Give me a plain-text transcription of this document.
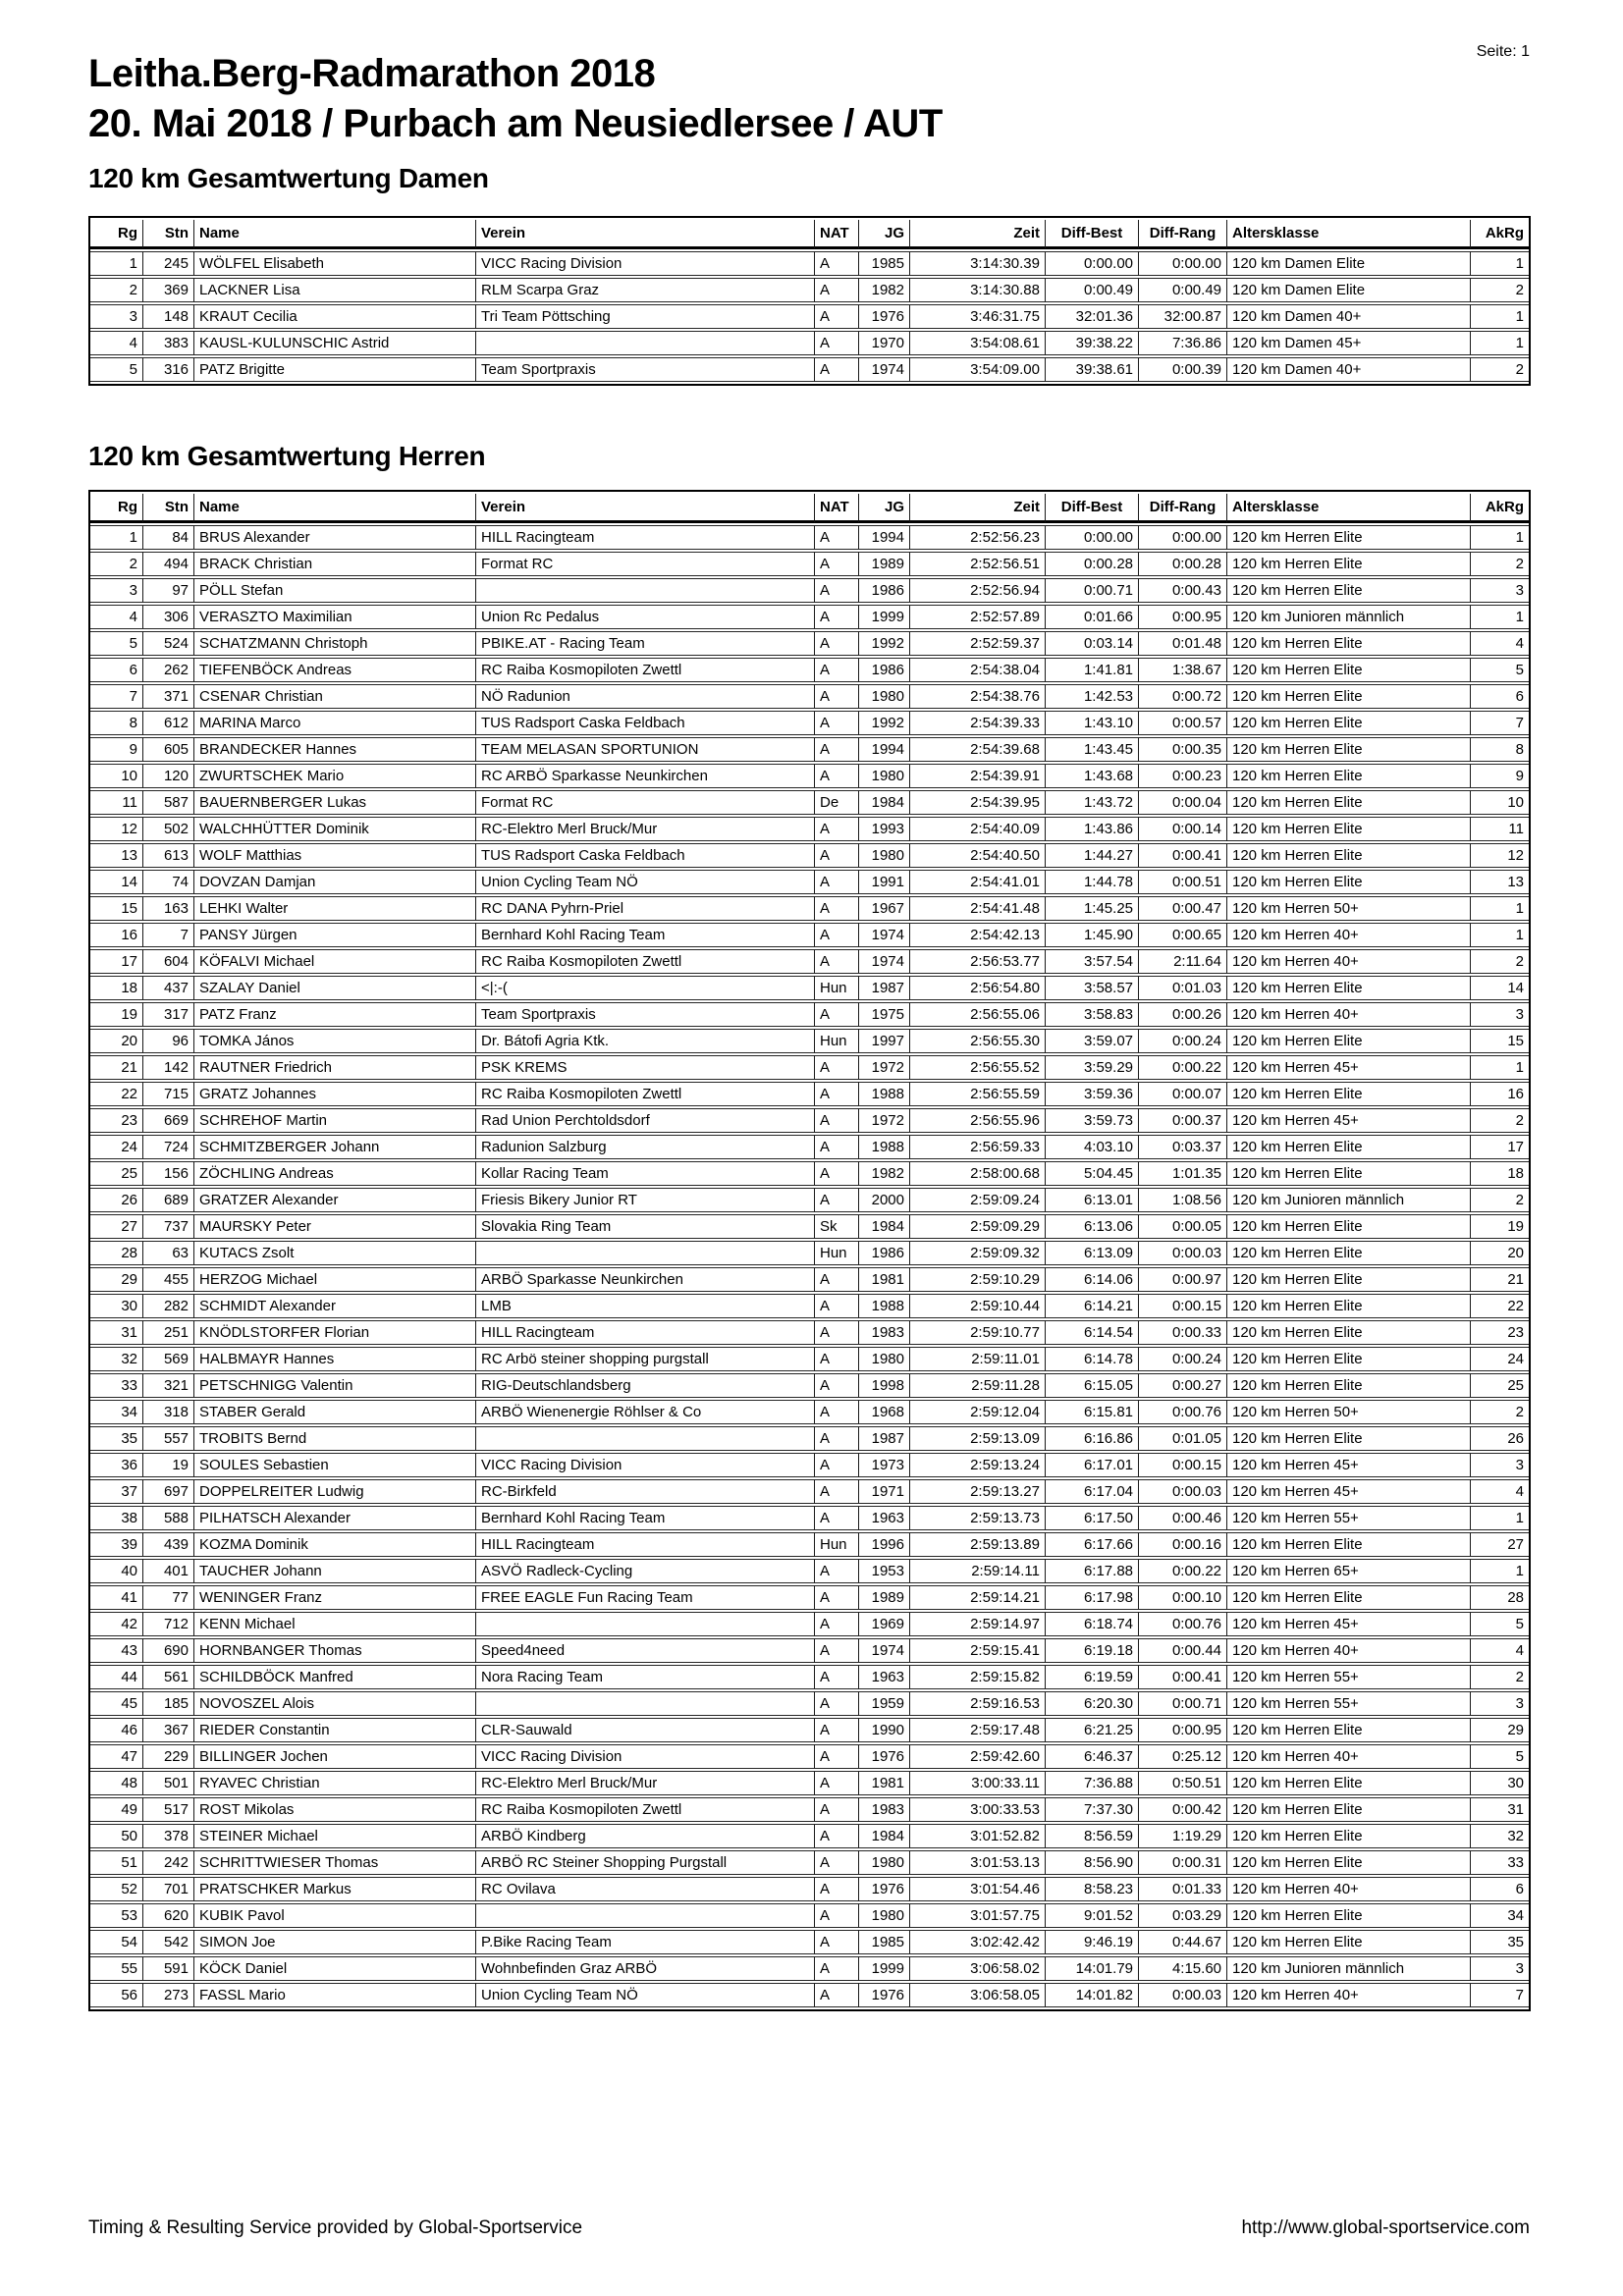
Seite: 1
Leitha.Berg-Radmarathon 2018
20. Mai 2018 / Purbach am Neusiedlersee / AUT
120 km Gesamtwertung Damen
Rg	Stn	Name	Verein	NAT	JG	Zeit	Diff-Best	Diff-Rang	Altersklasse	AkRg
1	245	WÖLFEL Elisabeth	VICC Racing Division	A	1985	3:14:30.39	0:00.00	0:00.00	120 km Damen Elite	1
2	369	LACKNER Lisa	RLM Scarpa Graz	A	1982	3:14:30.88	0:00.49	0:00.49	120 km Damen Elite	2
3	148	KRAUT Cecilia	Tri Team Pöttsching	A	1976	3:46:31.75	32:01.36	32:00.87	120 km Damen 40+	1
4	383	KAUSL-KULUNSCHIC Astrid		A	1970	3:54:08.61	39:38.22	7:36.86	120 km Damen 45+	1
5	316	PATZ Brigitte	Team Sportpraxis	A	1974	3:54:09.00	39:38.61	0:00.39	120 km Damen 40+	2
120 km Gesamtwertung Herren
Rg	Stn	Name	Verein	NAT	JG	Zeit	Diff-Best	Diff-Rang	Altersklasse	AkRg
1	84	BRUS Alexander	HILL Racingteam	A	1994	2:52:56.23	0:00.00	0:00.00	120 km Herren Elite	1
2	494	BRACK Christian	Format RC	A	1989	2:52:56.51	0:00.28	0:00.28	120 km Herren Elite	2
3	97	PÖLL Stefan		A	1986	2:52:56.94	0:00.71	0:00.43	120 km Herren Elite	3
4	306	VERASZTO Maximilian	Union Rc Pedalus	A	1999	2:52:57.89	0:01.66	0:00.95	120 km Junioren männlich	1
5	524	SCHATZMANN Christoph	PBIKE.AT - Racing Team	A	1992	2:52:59.37	0:03.14	0:01.48	120 km Herren Elite	4
6	262	TIEFENBÖCK Andreas	RC Raiba Kosmopiloten Zwettl	A	1986	2:54:38.04	1:41.81	1:38.67	120 km Herren Elite	5
7	371	CSENAR Christian	NÖ Radunion	A	1980	2:54:38.76	1:42.53	0:00.72	120 km Herren Elite	6
8	612	MARINA Marco	TUS Radsport Caska Feldbach	A	1992	2:54:39.33	1:43.10	0:00.57	120 km Herren Elite	7
9	605	BRANDECKER Hannes	TEAM MELASAN SPORTUNION	A	1994	2:54:39.68	1:43.45	0:00.35	120 km Herren Elite	8
10	120	ZWURTSCHEK Mario	RC ARBÖ Sparkasse Neunkirchen	A	1980	2:54:39.91	1:43.68	0:00.23	120 km Herren Elite	9
11	587	BAUERNBERGER Lukas	Format RC	De	1984	2:54:39.95	1:43.72	0:00.04	120 km Herren Elite	10
12	502	WALCHHÜTTER Dominik	RC-Elektro Merl Bruck/Mur	A	1993	2:54:40.09	1:43.86	0:00.14	120 km Herren Elite	11
13	613	WOLF Matthias	TUS Radsport Caska Feldbach	A	1980	2:54:40.50	1:44.27	0:00.41	120 km Herren Elite	12
14	74	DOVZAN Damjan	Union Cycling Team NÖ	A	1991	2:54:41.01	1:44.78	0:00.51	120 km Herren Elite	13
15	163	LEHKI Walter	RC DANA Pyhrn-Priel	A	1967	2:54:41.48	1:45.25	0:00.47	120 km Herren 50+	1
16	7	PANSY Jürgen	Bernhard Kohl Racing Team	A	1974	2:54:42.13	1:45.90	0:00.65	120 km Herren 40+	1
17	604	KÖFALVI Michael	RC Raiba Kosmopiloten Zwettl	A	1974	2:56:53.77	3:57.54	2:11.64	120 km Herren 40+	2
18	437	SZALAY Daniel	<|:-(	Hun	1987	2:56:54.80	3:58.57	0:01.03	120 km Herren Elite	14
19	317	PATZ Franz	Team Sportpraxis	A	1975	2:56:55.06	3:58.83	0:00.26	120 km Herren 40+	3
20	96	TOMKA János	Dr. Bátofi Agria Ktk.	Hun	1997	2:56:55.30	3:59.07	0:00.24	120 km Herren Elite	15
21	142	RAUTNER Friedrich	PSK KREMS	A	1972	2:56:55.52	3:59.29	0:00.22	120 km Herren 45+	1
22	715	GRATZ Johannes	RC Raiba Kosmopiloten Zwettl	A	1988	2:56:55.59	3:59.36	0:00.07	120 km Herren Elite	16
23	669	SCHREHOF Martin	Rad Union Perchtoldsdorf	A	1972	2:56:55.96	3:59.73	0:00.37	120 km Herren 45+	2
24	724	SCHMITZBERGER Johann	Radunion Salzburg	A	1988	2:56:59.33	4:03.10	0:03.37	120 km Herren Elite	17
25	156	ZÖCHLING Andreas	Kollar Racing Team	A	1982	2:58:00.68	5:04.45	1:01.35	120 km Herren Elite	18
26	689	GRATZER Alexander	Friesis Bikery Junior RT	A	2000	2:59:09.24	6:13.01	1:08.56	120 km Junioren männlich	2
27	737	MAURSKY Peter	Slovakia Ring Team	Sk	1984	2:59:09.29	6:13.06	0:00.05	120 km Herren Elite	19
28	63	KUTACS Zsolt		Hun	1986	2:59:09.32	6:13.09	0:00.03	120 km Herren Elite	20
29	455	HERZOG Michael	ARBÖ Sparkasse Neunkirchen	A	1981	2:59:10.29	6:14.06	0:00.97	120 km Herren Elite	21
30	282	SCHMIDT Alexander	LMB	A	1988	2:59:10.44	6:14.21	0:00.15	120 km Herren Elite	22
31	251	KNÖDLSTORFER Florian	HILL Racingteam	A	1983	2:59:10.77	6:14.54	0:00.33	120 km Herren Elite	23
32	569	HALBMAYR Hannes	RC Arbö steiner shopping purgstall	A	1980	2:59:11.01	6:14.78	0:00.24	120 km Herren Elite	24
33	321	PETSCHNIGG Valentin	RIG-Deutschlandsberg	A	1998	2:59:11.28	6:15.05	0:00.27	120 km Herren Elite	25
34	318	STABER Gerald	ARBÖ Wienenergie Röhlser & Co	A	1968	2:59:12.04	6:15.81	0:00.76	120 km Herren 50+	2
35	557	TROBITS Bernd		A	1987	2:59:13.09	6:16.86	0:01.05	120 km Herren Elite	26
36	19	SOULES Sebastien	VICC Racing Division	A	1973	2:59:13.24	6:17.01	0:00.15	120 km Herren 45+	3
37	697	DOPPELREITER Ludwig	RC-Birkfeld	A	1971	2:59:13.27	6:17.04	0:00.03	120 km Herren 45+	4
38	588	PILHATSCH Alexander	Bernhard Kohl Racing Team	A	1963	2:59:13.73	6:17.50	0:00.46	120 km Herren 55+	1
39	439	KOZMA Dominik	HILL Racingteam	Hun	1996	2:59:13.89	6:17.66	0:00.16	120 km Herren Elite	27
40	401	TAUCHER Johann	ASVÖ Radleck-Cycling	A	1953	2:59:14.11	6:17.88	0:00.22	120 km Herren 65+	1
41	77	WENINGER Franz	FREE EAGLE Fun Racing Team	A	1989	2:59:14.21	6:17.98	0:00.10	120 km Herren Elite	28
42	712	KENN Michael		A	1969	2:59:14.97	6:18.74	0:00.76	120 km Herren 45+	5
43	690	HORNBANGER Thomas	Speed4need	A	1974	2:59:15.41	6:19.18	0:00.44	120 km Herren 40+	4
44	561	SCHILDBÖCK Manfred	Nora Racing Team	A	1963	2:59:15.82	6:19.59	0:00.41	120 km Herren 55+	2
45	185	NOVOSZEL Alois		A	1959	2:59:16.53	6:20.30	0:00.71	120 km Herren 55+	3
46	367	RIEDER Constantin	CLR-Sauwald	A	1990	2:59:17.48	6:21.25	0:00.95	120 km Herren Elite	29
47	229	BILLINGER Jochen	VICC Racing Division	A	1976	2:59:42.60	6:46.37	0:25.12	120 km Herren 40+	5
48	501	RYAVEC Christian	RC-Elektro Merl Bruck/Mur	A	1981	3:00:33.11	7:36.88	0:50.51	120 km Herren Elite	30
49	517	ROST Mikolas	RC Raiba Kosmopiloten Zwettl	A	1983	3:00:33.53	7:37.30	0:00.42	120 km Herren Elite	31
50	378	STEINER Michael	ARBÖ Kindberg	A	1984	3:01:52.82	8:56.59	1:19.29	120 km Herren Elite	32
51	242	SCHRITTWIESER Thomas	ARBÖ RC Steiner Shopping Purgstall	A	1980	3:01:53.13	8:56.90	0:00.31	120 km Herren Elite	33
52	701	PRATSCHKER Markus	RC Ovilava	A	1976	3:01:54.46	8:58.23	0:01.33	120 km Herren 40+	6
53	620	KUBIK Pavol		A	1980	3:01:57.75	9:01.52	0:03.29	120 km Herren Elite	34
54	542	SIMON Joe	P.Bike Racing Team	A	1985	3:02:42.42	9:46.19	0:44.67	120 km Herren Elite	35
55	591	KÖCK Daniel	Wohnbefinden Graz ARBÖ	A	1999	3:06:58.02	14:01.79	4:15.60	120 km Junioren männlich	3
56	273	FASSL Mario	Union Cycling Team NÖ	A	1976	3:06:58.05	14:01.82	0:00.03	120 km Herren 40+	7
Timing & Resulting Service provided by Global-Sportservice	http://www.global-sportservice.com
